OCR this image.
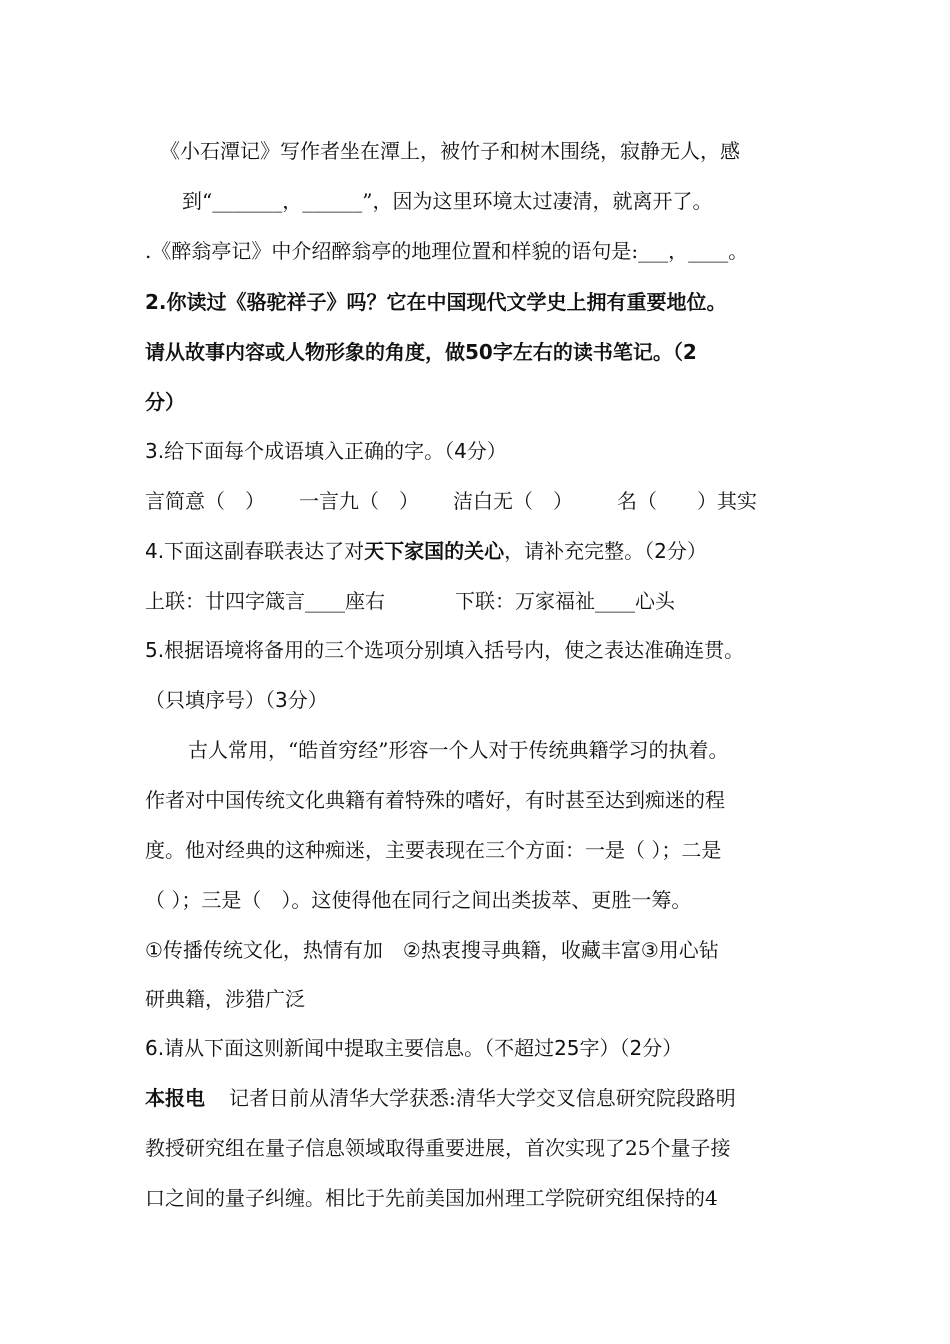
《小石潭记》写作者坐在潭上，被竹子和树木围绕，寂静无人，感
到“_______，______”，因为这里环境太过凄清，就离开了。
.《醉翁亭记》中介绍醉翁亭的地理位置和样貌的语句是:___，____。
2.你读过《骆驼祥子》吗？它在中国现代文学史上拥有重要地位。
请从故事内容或人物形象的角度，做50字左右的读书笔记。（2
分）
3.给下面每个成语填入正确的字。（4分）
言简意（　） 一言九（　） 洁白无（　） 名（　　）其实
4.下面这副春联表达了对天下家国的关心，请补充完整。（2分）
上联：廿四字箴言____座右	下联：万家福祉____心头
5.根据语境将备用的三个选项分别填入括号内，使之表达准确连贯。
（只填序号）（3分）
古人常用，“皓首穷经”形容一个人对于传统典籍学习的执着。
作者对中国传统文化典籍有着特殊的嗜好，有时甚至达到痴迷的程
度。他对经典的这种痴迷，主要表现在三个方面：一是（ ）；二是
（ ）；三是（　）。这使得他在同行之间出类拔萃、更胜一筹。
①传播传统文化，热情有加　②热衷搜寻典籍，收藏丰富③用心钻
研典籍，涉猎广泛
6.请从下面这则新闻中提取主要信息。（不超过25字）（2分）
本报电 记者日前从清华大学获悉:清华大学交叉信息研究院段路明
教授研究组在量子信息领域取得重要进展，首次实现了25个量子接
口之间的量子纠缠。相比于先前美国加州理工学院研究组保持的4
